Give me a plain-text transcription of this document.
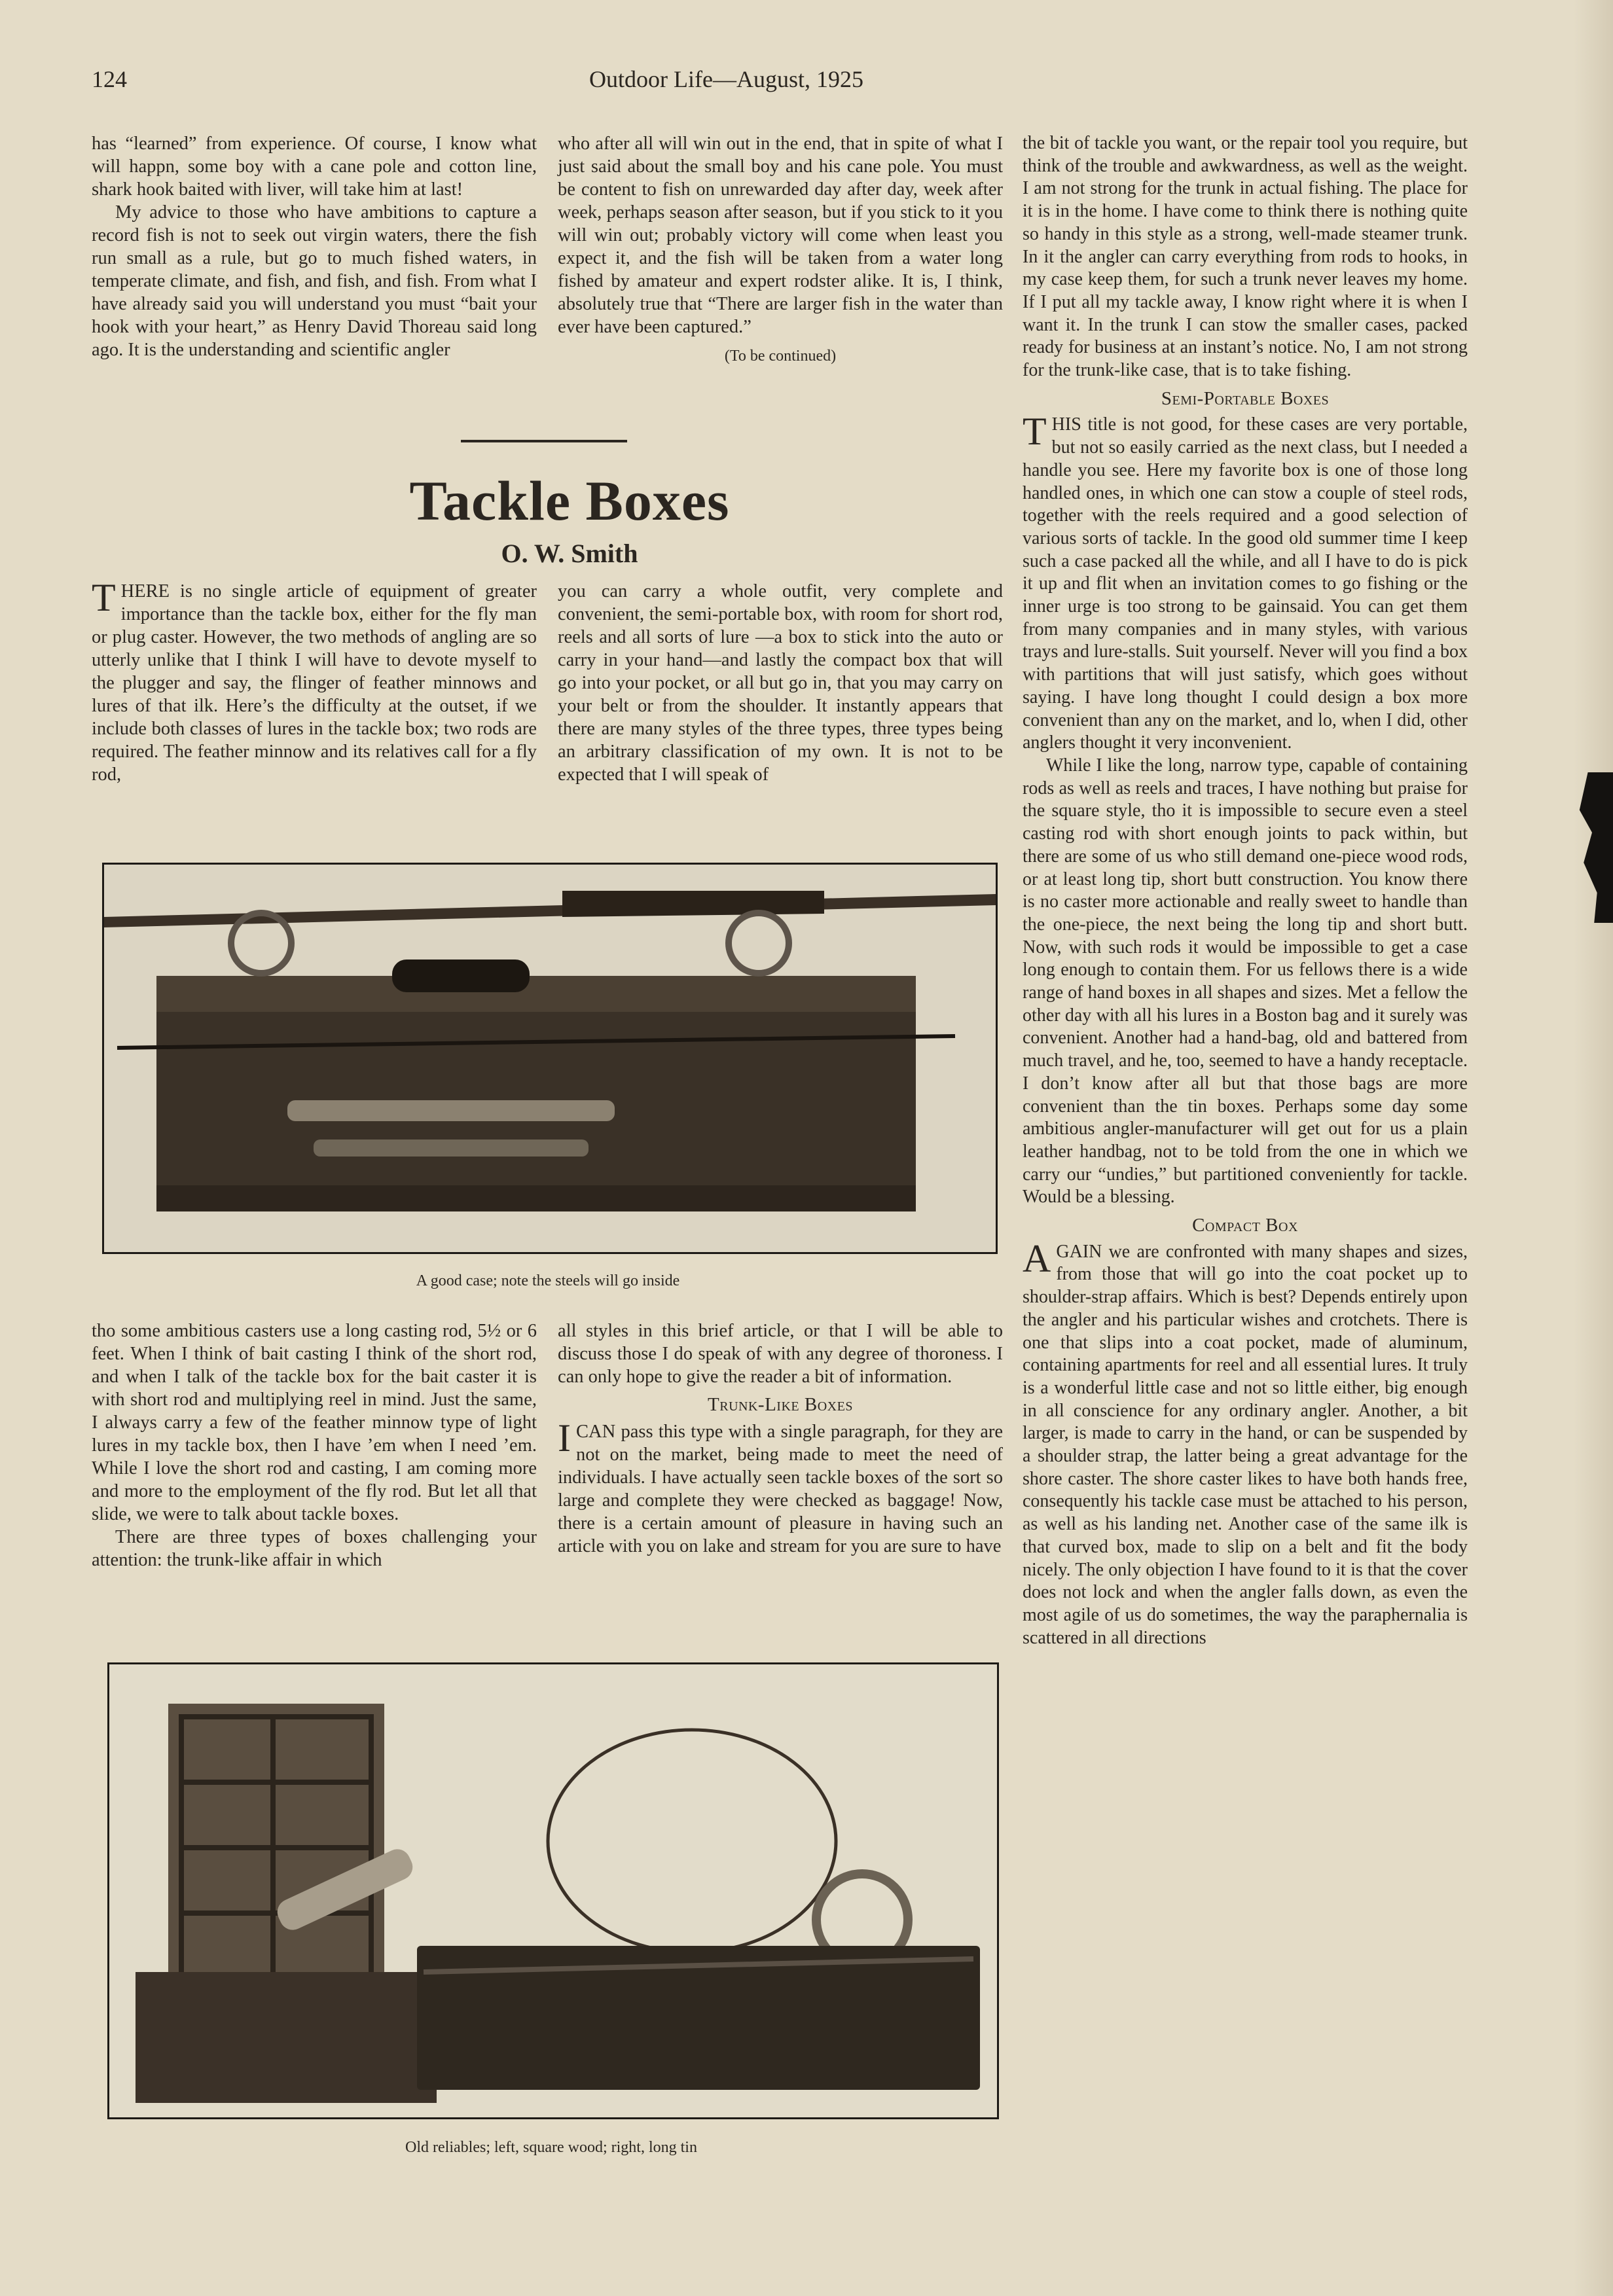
124	Outdoor Life—August, 1925

has “learned” from experience. Of course, I know what will happn, some boy with a cane pole and cotton line, shark hook baited with liver, will take him at last!

My advice to those who have ambitions to capture a record fish is not to seek out virgin waters, there the fish run small as a rule, but go to much fished waters, in temperate climate, and fish, and fish, and fish. From what I have already said you will understand you must “bait your hook with your heart,” as Henry David Thoreau said long ago. It is the understanding and scientific angler

who after all will win out in the end, that in spite of what I just said about the small boy and his cane pole. You must be content to fish on unrewarded day after day, week after week, perhaps season after season, but if you stick to it you will win out; probably victory will come when least you expect it, and the fish will be taken from a water long fished by amateur and expert rodster alike. It is, I think, absolutely true that “There are larger fish in the water than ever have been captured.”

(To be continued)
Tackle Boxes
O. W. Smith

THERE is no single article of equipment of greater importance than the tackle box, either for the fly man or plug caster. However, the two methods of angling are so utterly unlike that I think I will have to devote myself to the plugger and say, the flinger of feather minnows and lures of that ilk. Here’s the difficulty at the outset, if we include both classes of lures in the tackle box; two rods are required. The feather minnow and its relatives call for a fly rod,

you can carry a whole outfit, very complete and convenient, the semi-portable box, with room for short rod, reels and all sorts of lure —a box to stick into the auto or carry in your hand—and lastly the compact box that will go into your pocket, or all but go in, that you may carry on your belt or from the shoulder. It instantly appears that there are many styles of the three types, three types being an arbitrary classification of my own. It is not to be expected that I will speak of

A good case; note the steels will go inside

tho some ambitious casters use a long casting rod, 5½ or 6 feet. When I think of bait casting I think of the short rod, and when I talk of the tackle box for the bait caster it is with short rod and multiplying reel in mind. Just the same, I always carry a few of the feather minnow type of light lures in my tackle box, then I have ’em when I need ’em. While I love the short rod and casting, I am coming more and more to the employment of the fly rod. But let all that slide, we were to talk about tackle boxes.

There are three types of boxes challenging your attention: the trunk-like affair in which

all styles in this brief article, or that I will be able to discuss those I do speak of with any degree of thoroness. I can only hope to give the reader a bit of information.

Trunk-Like Boxes

ICAN pass this type with a single paragraph, for they are not on the market, being made to meet the need of individuals. I have actually seen tackle boxes of the sort so large and complete they were checked as baggage! Now, there is a certain amount of pleasure in having such an article with you on lake and stream for you are sure to have

Old reliables; left, square wood; right, long tin

the bit of tackle you want, or the repair tool you require, but think of the trouble and awkwardness, as well as the weight. I am not strong for the trunk in actual fishing. The place for it is in the home. I have come to think there is nothing quite so handy in this style as a strong, well-made steamer trunk. In it the angler can carry everything from rods to hooks, in my case keep them, for such a trunk never leaves my home. If I put all my tackle away, I know right where it is when I want it. In the trunk I can stow the smaller cases, packed ready for business at an instant’s notice. No, I am not strong for the trunk-like case, that is to take fishing.

Semi-Portable Boxes

THIS title is not good, for these cases are very portable, but not so easily carried as the next class, but I needed a handle you see. Here my favorite box is one of those long handled ones, in which one can stow a couple of steel rods, together with the reels required and a good selection of various sorts of tackle. In the good old summer time I keep such a case packed all the while, and all I have to do is pick it up and flit when an invitation comes to go fishing or the inner urge is too strong to be gainsaid. You can get them from many companies and in many styles, with various trays and lure-stalls. Suit yourself. Never will you find a box with partitions that will just satisfy, which goes without saying. I have long thought I could design a box more convenient than any on the market, and lo, when I did, other anglers thought it very inconvenient.

While I like the long, narrow type, capable of containing rods as well as reels and traces, I have nothing but praise for the square style, tho it is impossible to secure even a steel casting rod with short enough joints to pack within, but there are some of us who still demand one-piece wood rods, or at least long tip, short butt construction. You know there is no caster more actionable and really sweet to handle than the one-piece, the next being the long tip and short butt. Now, with such rods it would be impossible to get a case long enough to contain them. For us fellows there is a wide range of hand boxes in all shapes and sizes. Met a fellow the other day with all his lures in a Boston bag and it surely was convenient. Another had a hand-bag, old and battered from much travel, and he, too, seemed to have a handy receptacle. I don’t know after all but that those bags are more convenient than the tin boxes. Perhaps some day some ambitious angler-manufacturer will get out for us a plain leather handbag, not to be told from the one in which we carry our “undies,” but partitioned conveniently for tackle. Would be a blessing.

Compact Box

AGAIN we are confronted with many shapes and sizes, from those that will go into the coat pocket up to shoulder-strap affairs. Which is best? Depends entirely upon the angler and his particular wishes and crotchets. There is one that slips into a coat pocket, made of aluminum, containing apartments for reel and all essential lures. It truly is a wonderful little case and not so little either, big enough in all conscience for any ordinary angler. Another, a bit larger, is made to carry in the hand, or can be suspended by a shoulder strap, the latter being a great advantage for the shore caster. The shore caster likes to have both hands free, consequently his tackle case must be attached to his person, as well as his landing net. Another case of the same ilk is that curved box, made to slip on a belt and fit the body nicely. The only objection I have found to it is that the cover does not lock and when the angler falls down, as even the most agile of us do sometimes, the way the paraphernalia is scattered in all directions
